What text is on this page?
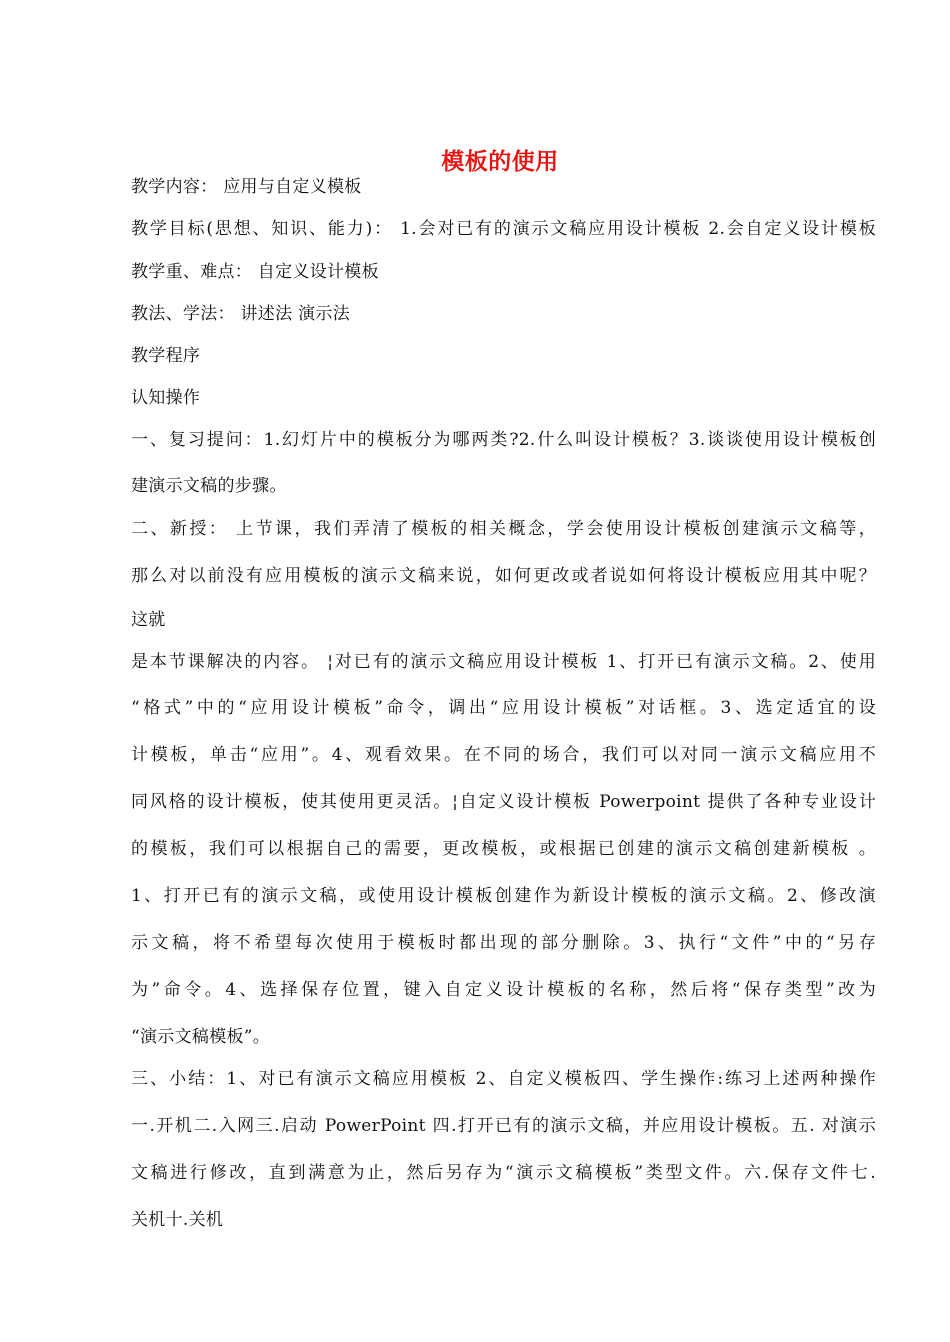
模板的使用
教学内容： 应用与自定义模板
教学目标(思想、知识、能力)： 1.会对已有的演示文稿应用设计模板 2.会自定义设计模板
教学重、难点： 自定义设计模板
教法、学法： 讲述法 演示法
教学程序
认知操作
一、复习提问：1.幻灯片中的模板分为哪两类?2.什么叫设计模板？3.谈谈使用设计模板创
建演示文稿的步骤。
二、新授： 上节课，我们弄清了模板的相关概念，学会使用设计模板创建演示文稿等，
那么对以前没有应用模板的演示文稿来说，如何更改或者说如何将设计模板应用其中呢？
这就
是本节课解决的内容。 ¦对已有的演示文稿应用设计模板 1、打开已有演示文稿。2、使用
“格式”中的“应用设计模板”命令，调出“应用设计模板”对话框。3、选定适宜的设
计模板，单击“应用”。4、观看效果。在不同的场合，我们可以对同一演示文稿应用不
同风格的设计模板，使其使用更灵活。¦自定义设计模板 Powerpoint 提供了各种专业设计
的模板，我们可以根据自己的需要，更改模板，或根据已创建的演示文稿创建新模板 。
1、打开已有的演示文稿，或使用设计模板创建作为新设计模板的演示文稿。2、修改演
示文稿，将不希望每次使用于模板时都出现的部分删除。3、执行“文件”中的“另存
为”命令。4、选择保存位置，键入自定义设计模板的名称，然后将“保存类型”改为
“演示文稿模板”。
三、小结：1、对已有演示文稿应用模板 2、自定义模板四、学生操作:练习上述两种操作
一.开机二.入网三.启动 PowerPoint 四.打开已有的演示文稿，并应用设计模板。五. 对演示
文稿进行修改，直到满意为止，然后另存为“演示文稿模板”类型文件。六.保存文件七.
关机十.关机
